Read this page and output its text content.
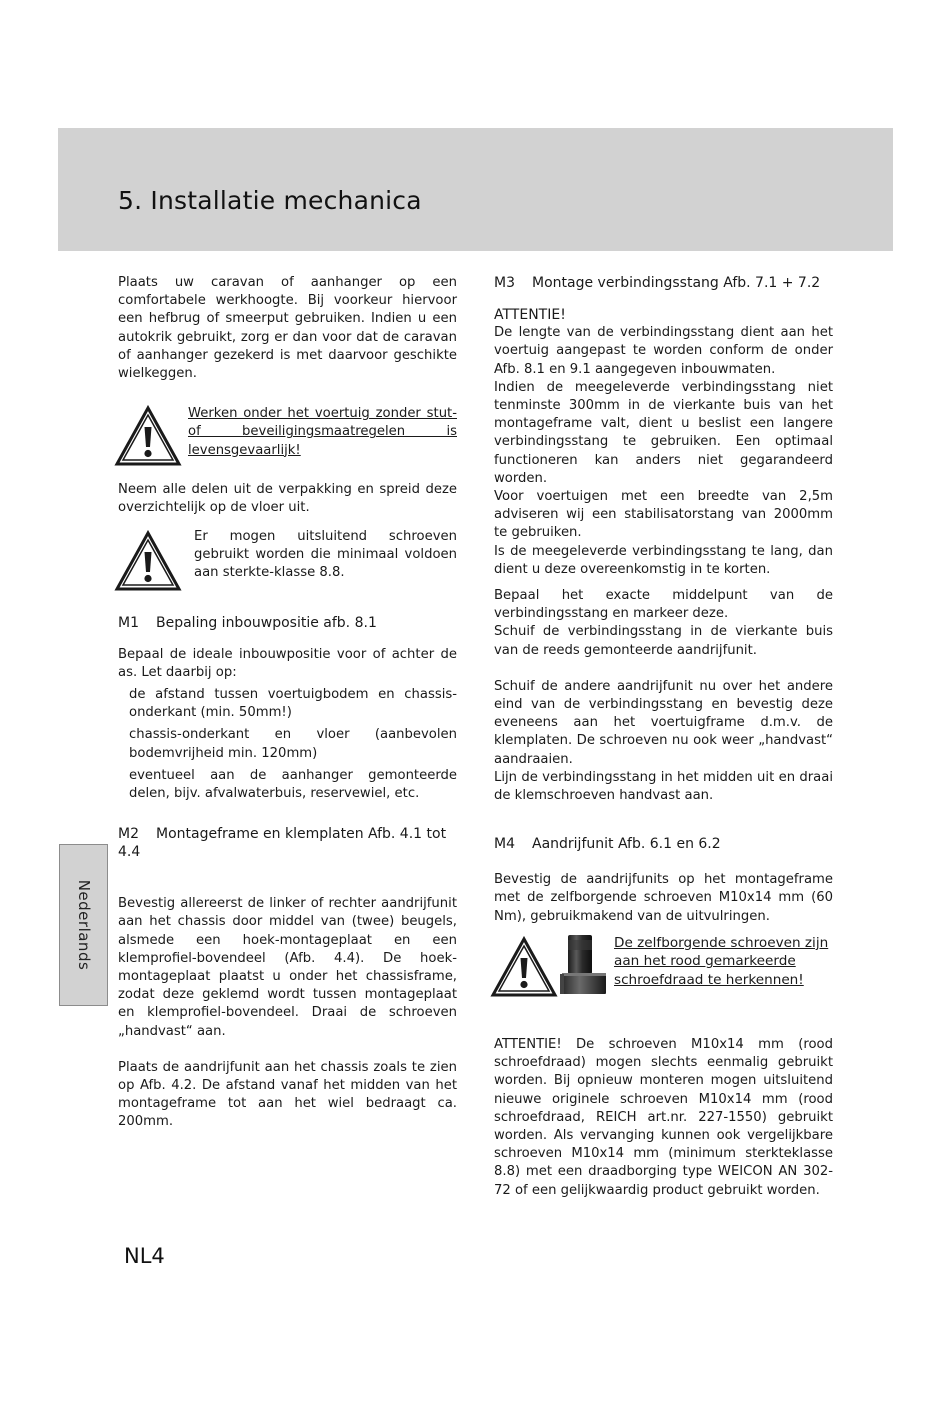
5. Installatie mechanica

Plaats uw caravan of aanhanger op een comfortabele werkhoogte. Bij voorkeur hiervoor een hefbrug of smeerput gebruiken. Indien u een autokrik gebruikt, zorg er dan voor dat de caravan of aanhanger gezekerd is met daarvoor geschikte wielkeggen.

Werken onder het voertuig zonder stut- of beveiligingsmaatregelen is levensgevaarlijk!

Neem alle delen uit de verpakking en spreid deze overzichtelijk op de vloer uit.

Er mogen uitsluitend schroeven gebruikt worden die minimaal voldoen aan sterkte-klasse 8.8.

M1 Bepaling inbouwpositie afb. 8.1

Bepaal de ideale inbouwpositie voor of achter de as. Let daarbij op:

de afstand tussen voertuigbodem en chassis-onderkant (min. 50mm!)

chassis-onderkant en vloer (aanbevolen bodemvrijheid min. 120mm)

eventueel aan de aanhanger gemonteerde delen, bijv. afvalwaterbuis, reservewiel, etc.

M2 Montageframe en klemplaten Afb. 4.1 tot 4.4

Bevestig allereerst de linker of rechter aandrijfunit aan het chassis door middel van (twee) beugels, alsmede een hoek-montageplaat en een klemprofiel-bovendeel (Afb. 4.4). De hoek-montageplaat plaatst u onder het chassisframe, zodat deze geklemd wordt tussen montageplaat en klemprofiel-bovendeel. Draai de schroeven „handvast“ aan.

Plaats de aandrijfunit aan het chassis zoals te zien op Afb. 4.2. De afstand vanaf het midden van het montageframe tot aan het wiel bedraagt ca. 200mm.

M3 Montage verbindingsstang Afb. 7.1 + 7.2

ATTENTIE!

De lengte van de verbindingsstang dient aan het voertuig aangepast te worden conform de onder Afb. 8.1 en 9.1 aangegeven inbouwmaten.

Indien de meegeleverde verbindingsstang niet tenminste 300mm in de vierkante buis van het montageframe valt, dient u beslist een langere verbindingsstang te gebruiken. Een optimaal functioneren kan anders niet gegarandeerd worden.

Voor voertuigen met een breedte van 2,5m adviseren wij een stabilisatorstang van 2000mm te gebruiken.

Is de meegeleverde verbindingsstang te lang, dan dient u deze overeenkomstig in te korten.

Bepaal het exacte middelpunt van de verbindingsstang en markeer deze.

Schuif de verbindingsstang in de vierkante buis van de reeds gemonteerde aandrijfunit.

Schuif de andere aandrijfunit nu over het andere eind van de verbindingsstang en bevestig deze eveneens aan het voertuigframe d.m.v. de klemplaten. De schroeven nu ook weer „handvast“ aandraaien.

Lijn de verbindingsstang in het midden uit en draai de klemschroeven handvast aan.

M4 Aandrijfunit Afb. 6.1 en 6.2

Bevestig de aandrijfunits op het montageframe met de zelfborgende schroeven M10x14 mm (60 Nm), gebruikmakend van de uitvulringen.

De zelfborgende schroeven zijn aan het rood gemarkeerde schroefdraad te herkennen!

ATTENTIE! De schroeven M10x14 mm (rood schroefdraad) mogen slechts eenmalig gebruikt worden. Bij opnieuw monteren mogen uitsluitend nieuwe originele schroeven M10x14 mm (rood schroefdraad, REICH art.nr. 227-1550) gebruikt worden. Als vervanging kunnen ook vergelijkbare schroeven M10x14 mm (minimum sterkteklasse 8.8) met een draadborging type WEICON AN 302-72 of een gelijkwaardig product gebruikt worden.

Nederlands
NL4
